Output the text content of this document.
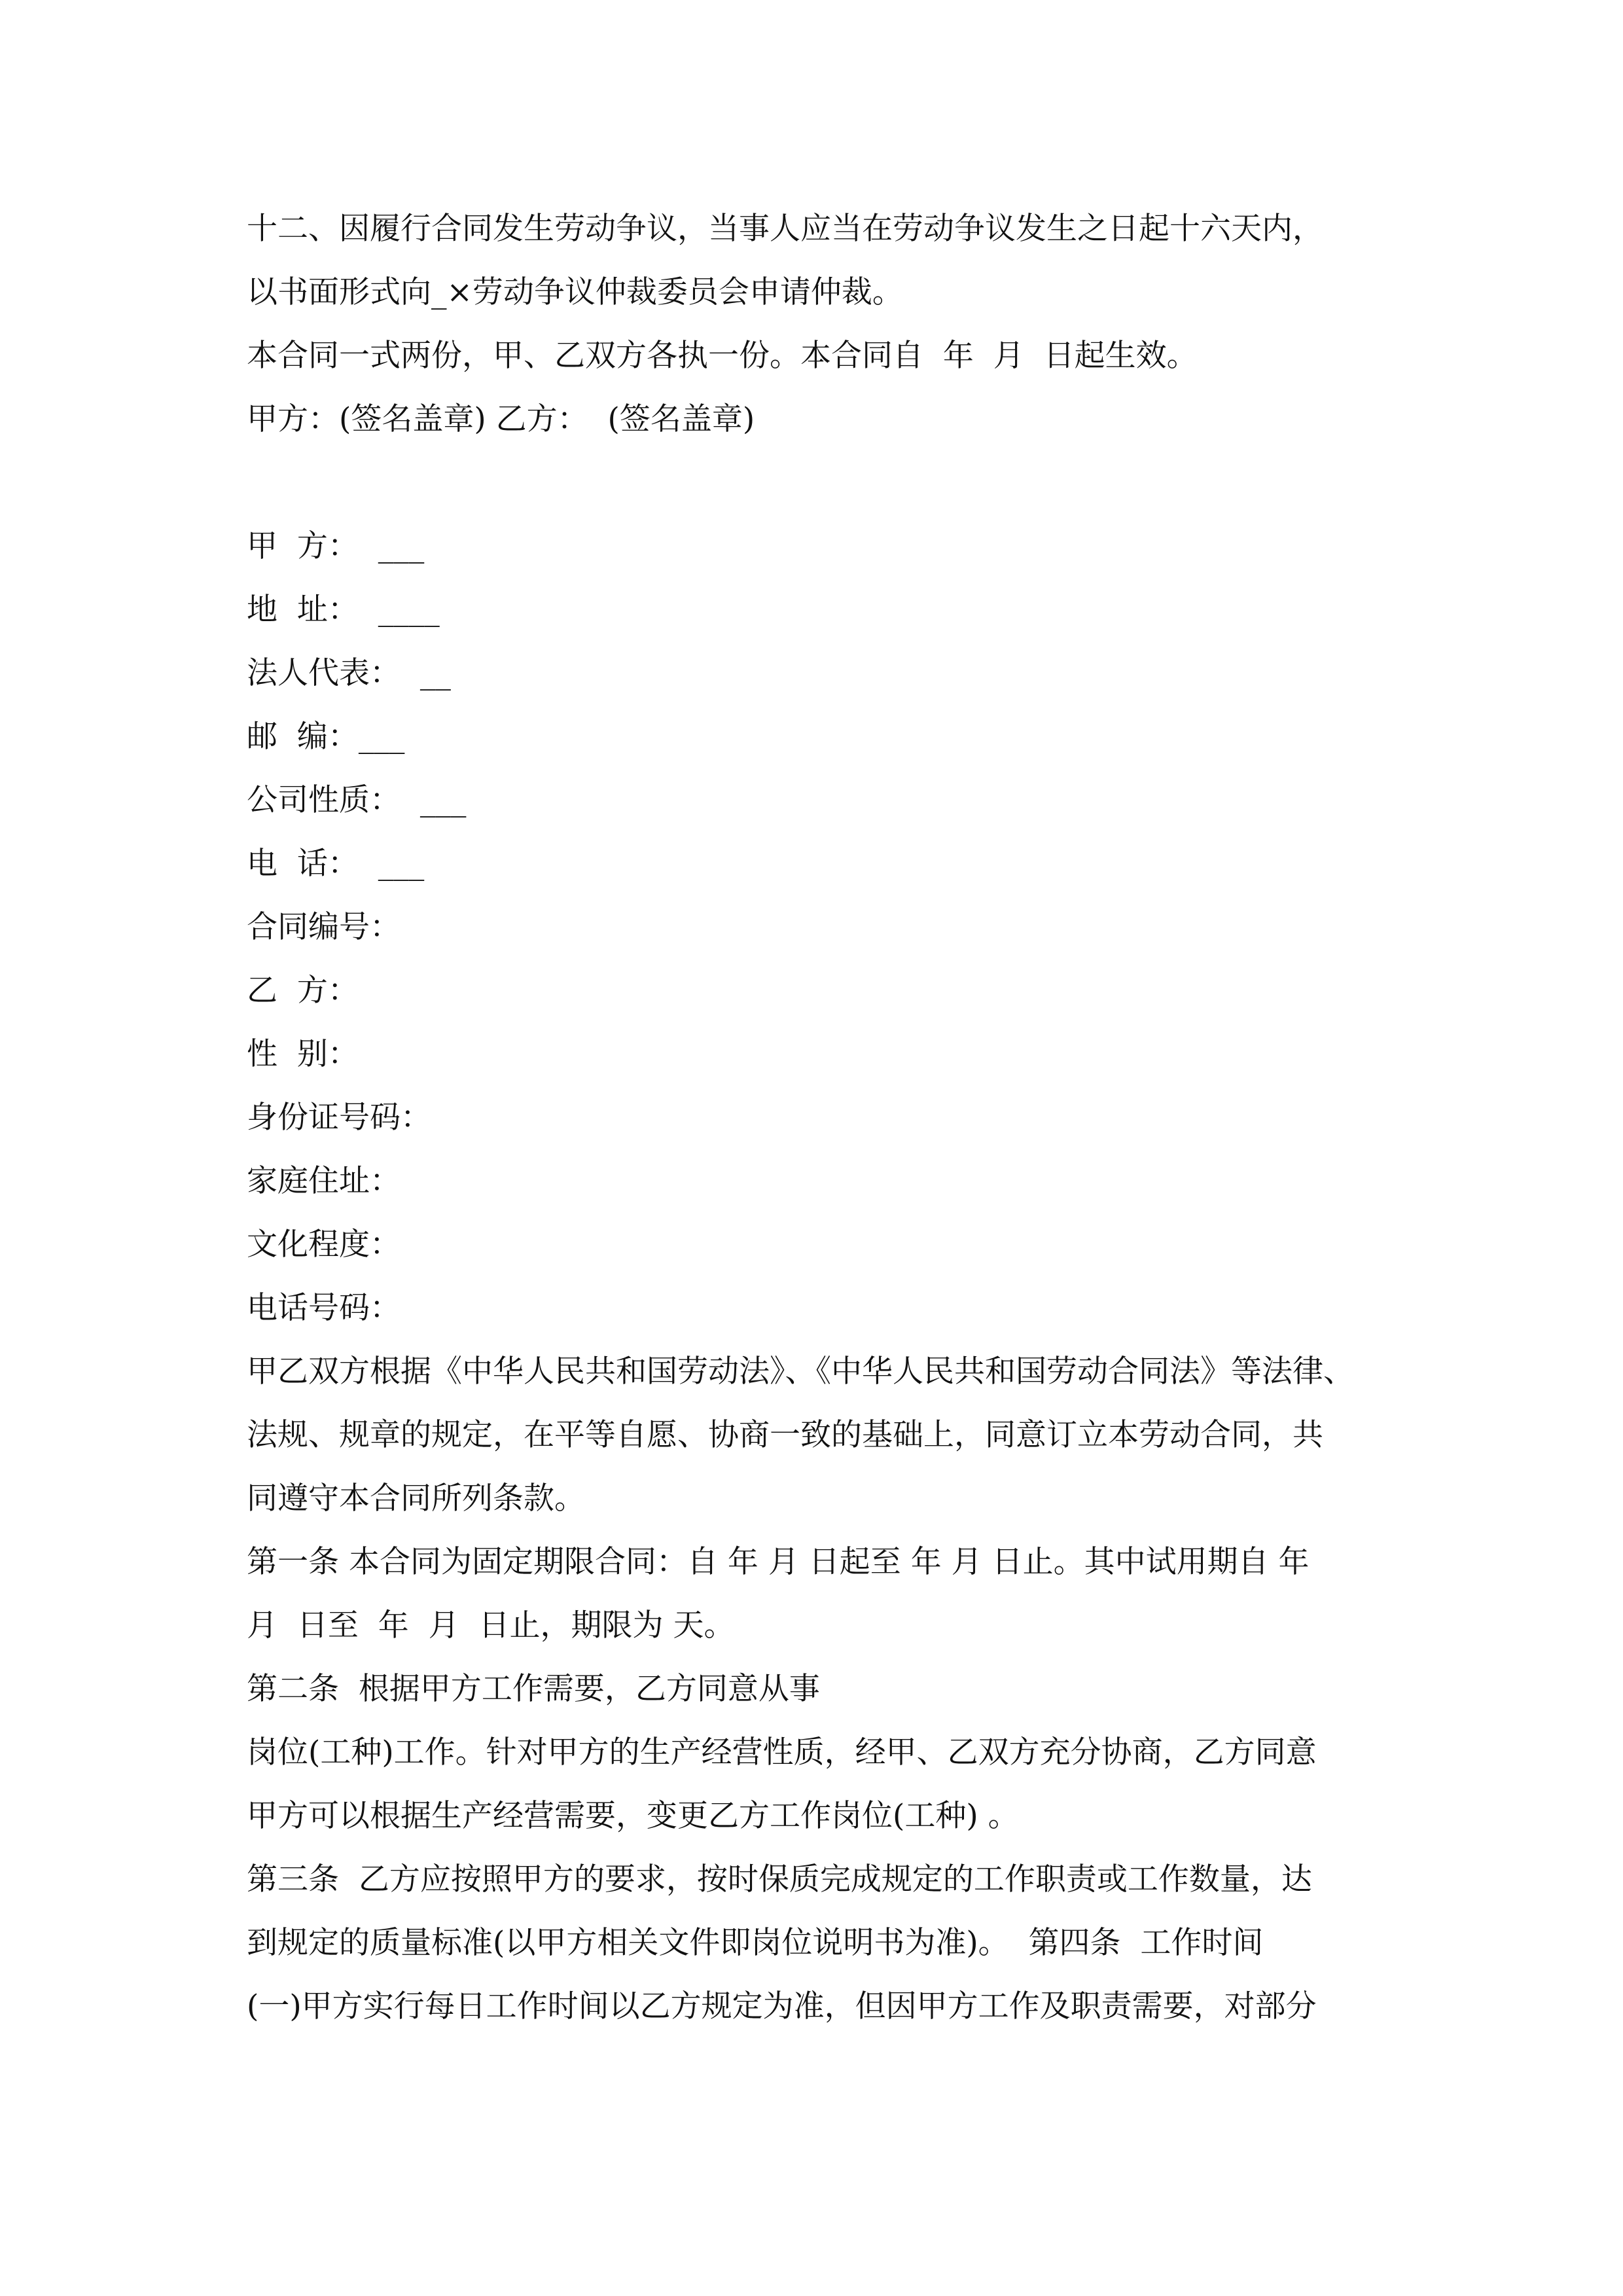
十二、因履行合同发生劳动争议，当事人应当在劳动争议发生之日起十六天内，
以书面形式向_×劳动争议仲裁委员会申请仲裁。
本合同一式两份，甲、乙双方各执一份。本合同自  年  月  日起生效。
甲方：(签名盖章) 乙方：  (签名盖章)
甲  方：  ___
地  址：  ____
法人代表：  __
邮  编：___
公司性质：  ___
电  话：  ___
合同编号：
乙  方：
性  别：
身份证号码：
家庭住址：
文化程度：
电话号码：
甲乙双方根据《中华人民共和国劳动法》、《中华人民共和国劳动合同法》等法律、
法规、规章的规定，在平等自愿、协商一致的基础上，同意订立本劳动合同，共
同遵守本合同所列条款。
第一条 本合同为固定期限合同：自 年 月 日起至 年 月 日止。其中试用期自 年
月  日至  年  月  日止，期限为 天。
第二条  根据甲方工作需要，乙方同意从事
岗位(工种)工作。针对甲方的生产经营性质，经甲、乙双方充分协商，乙方同意
甲方可以根据生产经营需要，变更乙方工作岗位(工种) 。
第三条  乙方应按照甲方的要求，按时保质完成规定的工作职责或工作数量，达
到规定的质量标准(以甲方相关文件即岗位说明书为准)。  第四条  工作时间
(一)甲方实行每日工作时间以乙方规定为准，但因甲方工作及职责需要，对部分
